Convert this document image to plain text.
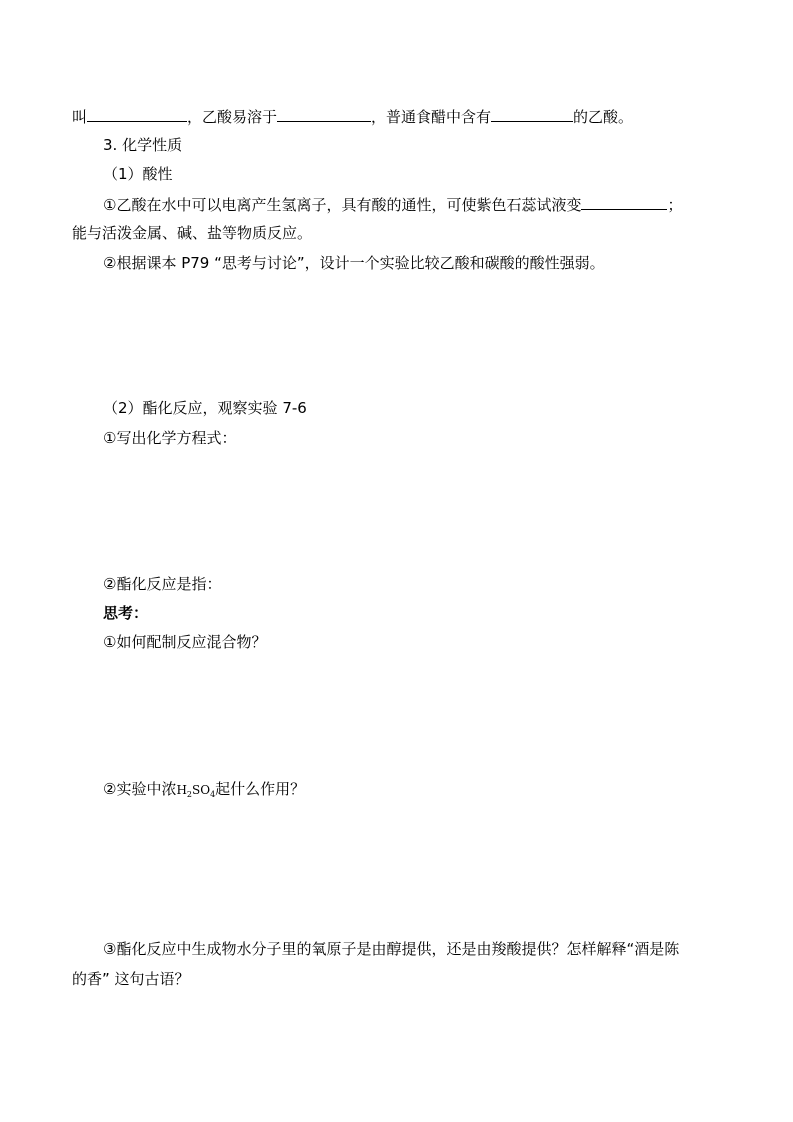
叫	，乙酸易溶于	，普通食醋中含有	的乙酸。
3. 化学性质
（1）酸性
①乙酸在水中可以电离产生氢离子，具有酸的通性，可使紫色石蕊试液变	；
能与活泼金属、碱、盐等物质反应。
②根据课本 P79 “思考与讨论”，设计一个实验比较乙酸和碳酸的酸性强弱。
（2）酯化反应，观察实验 7-6
①写出化学方程式：
②酯化反应是指：
思考：
①如何配制反应混合物？
②实验中浓$H_2SO_4$起什么作用？
③酯化反应中生成物水分子里的氧原子是由醇提供，还是由羧酸提供？怎样解释“酒是陈
的香” 这句古语？
